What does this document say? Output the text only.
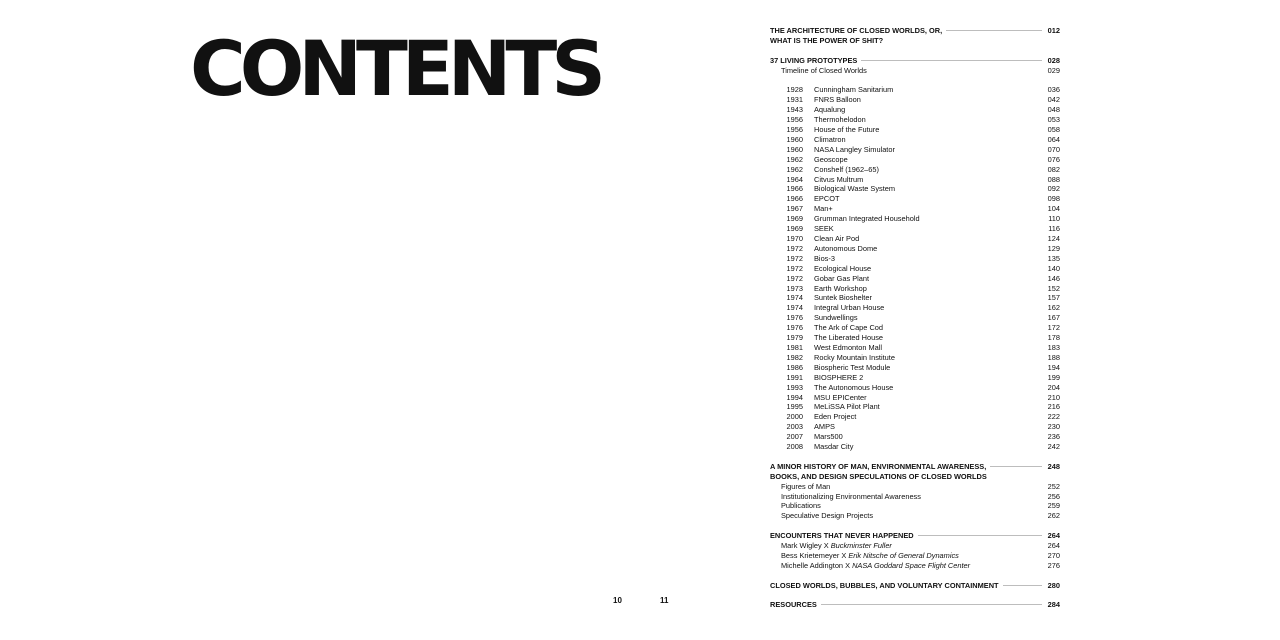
CONTENTS
10	11
THE ARCHITECTURE OF CLOSED WORLDS, OR,	012
WHAT IS THE POWER OF SHIT?
37 LIVING PROTOTYPES	028
Timeline of Closed Worlds	029
1928	Cunningham Sanitarium	036
1931	FNRS Balloon	042
1943	Aqualung	048
1956	Thermohelodon	053
1956	House of the Future	058
1960	Climatron	064
1960	NASA Langley Simulator	070
1962	Geoscope	076
1962	Conshelf (1962–65)	082
1964	Citvus Multrum	088
1966	Biological Waste System	092
1966	EPCOT	098
1967	Man+	104
1969	Grumman Integrated Household	110
1969	SEEK	116
1970	Clean Air Pod	124
1972	Autonomous Dome	129
1972	Bios-3	135
1972	Ecological House	140
1972	Gobar Gas Plant	146
1973	Earth Workshop	152
1974	Suntek Bioshelter	157
1974	Integral Urban House	162
1976	Sundwellings	167
1976	The Ark of Cape Cod	172
1979	The Liberated House	178
1981	West Edmonton Mall	183
1982	Rocky Mountain Institute	188
1986	Biospheric Test Module	194
1991	BIOSPHERE 2	199
1993	The Autonomous House	204
1994	MSU EPICenter	210
1995	MeLiSSA Pilot Plant	216
2000	Eden Project	222
2003	AMPS	230
2007	Mars500	236
2008	Masdar City	242
A MINOR HISTORY OF MAN, ENVIRONMENTAL AWARENESS,	248
BOOKS, AND DESIGN SPECULATIONS OF CLOSED WORLDS
Figures of Man	252
Institutionalizing Environmental Awareness	256
Publications	259
Speculative Design Projects	262
ENCOUNTERS THAT NEVER HAPPENED	264
Mark Wigley X Buckminster Fuller	264
Bess Krietemeyer X Erik Nitsche of General Dynamics	270
Michelle Addington X NASA Goddard Space Flight Center	276
CLOSED WORLDS, BUBBLES, AND VOLUNTARY CONTAINMENT	280
RESOURCES	284
